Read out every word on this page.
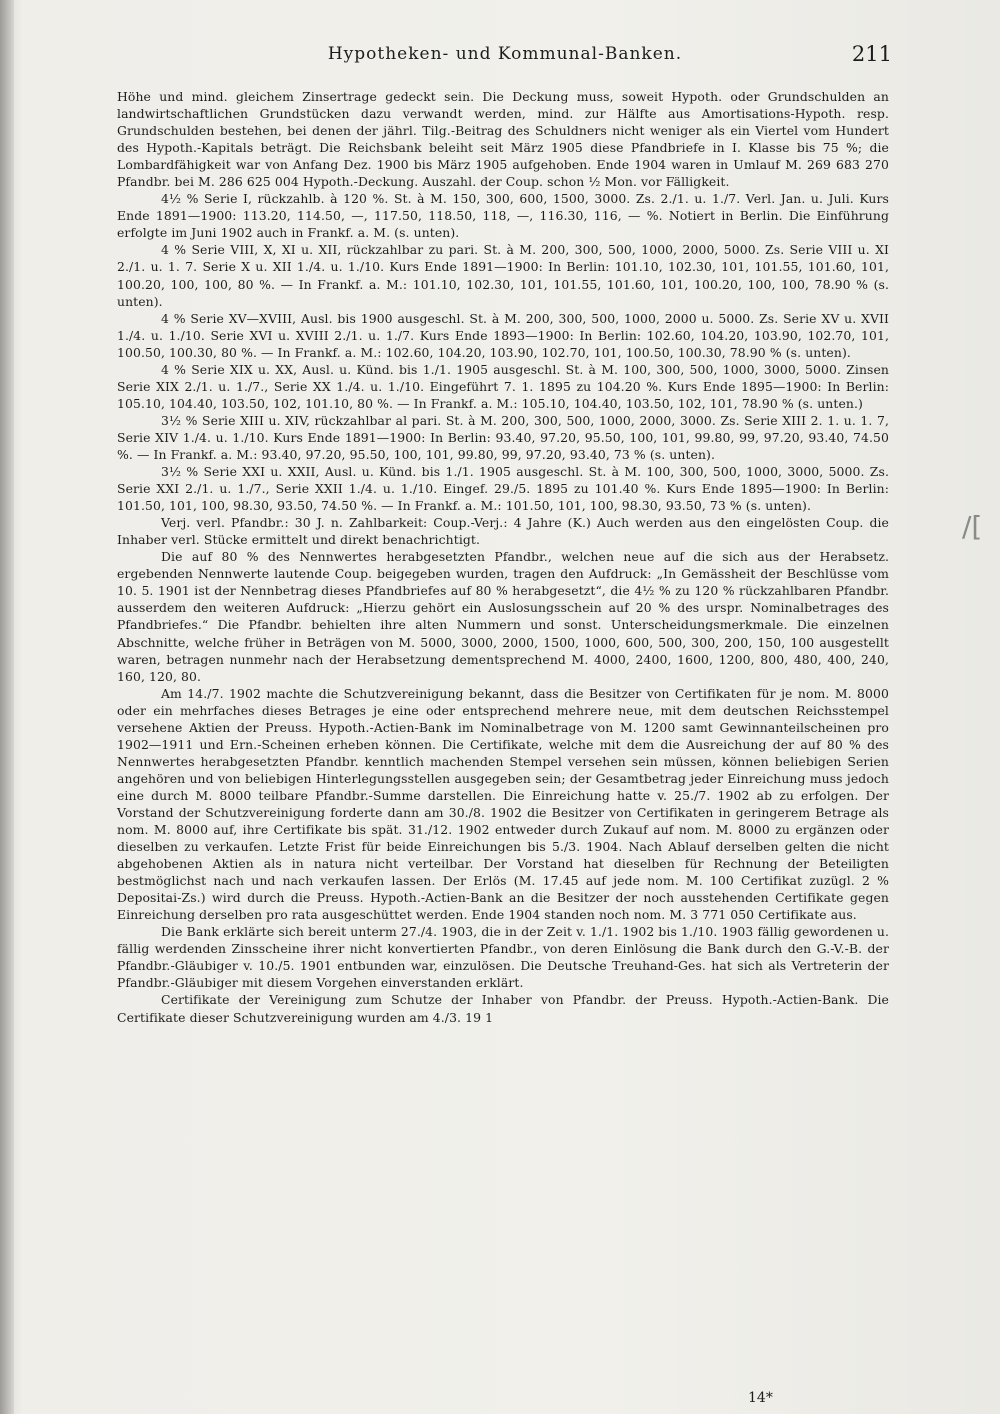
Hypotheken- und Kommunal-Banken.	211

Höhe und mind. gleichem Zinsertrage gedeckt sein. Die Deckung muss, soweit Hypoth. oder Grundschulden an landwirtschaftlichen Grundstücken dazu verwandt werden, mind. zur Hälfte aus Amortisations-Hypoth. resp. Grundschulden bestehen, bei denen der jährl. Tilg.-Beitrag des Schuldners nicht weniger als ein Viertel vom Hundert des Hypoth.-Kapitals beträgt. Die Reichsbank beleiht seit März 1905 diese Pfandbriefe in I. Klasse bis 75 %; die Lombardfähigkeit war von Anfang Dez. 1900 bis März 1905 aufgehoben. Ende 1904 waren in Umlauf M. 269 683 270 Pfandbr. bei M. 286 625 004 Hypoth.-Deckung. Auszahl. der Coup. schon ½ Mon. vor Fälligkeit.

4½ % Serie I, rückzahlb. à 120 %. St. à M. 150, 300, 600, 1500, 3000. Zs. 2./1. u. 1./7. Verl. Jan. u. Juli. Kurs Ende 1891—1900: 113.20, 114.50, —, 117.50, 118.50, 118, —, 116.30, 116, — %. Notiert in Berlin. Die Einführung erfolgte im Juni 1902 auch in Frankf. a. M. (s. unten).

4 % Serie VIII, X, XI u. XII, rückzahlbar zu pari. St. à M. 200, 300, 500, 1000, 2000, 5000. Zs. Serie VIII u. XI 2./1. u. 1. 7. Serie X u. XII 1./4. u. 1./10. Kurs Ende 1891—1900: In Berlin: 101.10, 102.30, 101, 101.55, 101.60, 101, 100.20, 100, 100, 80 %. — In Frankf. a. M.: 101.10, 102.30, 101, 101.55, 101.60, 101, 100.20, 100, 100, 78.90 % (s. unten).

4 % Serie XV—XVIII, Ausl. bis 1900 ausgeschl. St. à M. 200, 300, 500, 1000, 2000 u. 5000. Zs. Serie XV u. XVII 1./4. u. 1./10. Serie XVI u. XVIII 2./1. u. 1./7. Kurs Ende 1893—1900: In Berlin: 102.60, 104.20, 103.90, 102.70, 101, 100.50, 100.30, 80 %. — In Frankf. a. M.: 102.60, 104.20, 103.90, 102.70, 101, 100.50, 100.30, 78.90 % (s. unten).

4 % Serie XIX u. XX, Ausl. u. Künd. bis 1./1. 1905 ausgeschl. St. à M. 100, 300, 500, 1000, 3000, 5000. Zinsen Serie XIX 2./1. u. 1./7., Serie XX 1./4. u. 1./10. Eingeführt 7. 1. 1895 zu 104.20 %. Kurs Ende 1895—1900: In Berlin: 105.10, 104.40, 103.50, 102, 101.10, 80 %. — In Frankf. a. M.: 105.10, 104.40, 103.50, 102, 101, 78.90 % (s. unten.)

3½ % Serie XIII u. XIV, rückzahlbar al pari. St. à M. 200, 300, 500, 1000, 2000, 3000. Zs. Serie XIII 2. 1. u. 1. 7, Serie XIV 1./4. u. 1./10. Kurs Ende 1891—1900: In Berlin: 93.40, 97.20, 95.50, 100, 101, 99.80, 99, 97.20, 93.40, 74.50 %. — In Frankf. a. M.: 93.40, 97.20, 95.50, 100, 101, 99.80, 99, 97.20, 93.40, 73 % (s. unten).

3½ % Serie XXI u. XXII, Ausl. u. Künd. bis 1./1. 1905 ausgeschl. St. à M. 100, 300, 500, 1000, 3000, 5000. Zs. Serie XXI 2./1. u. 1./7., Serie XXII 1./4. u. 1./10. Eingef. 29./5. 1895 zu 101.40 %. Kurs Ende 1895—1900: In Berlin: 101.50, 101, 100, 98.30, 93.50, 74.50 %. — In Frankf. a. M.: 101.50, 101, 100, 98.30, 93.50, 73 % (s. unten).

Verj. verl. Pfandbr.: 30 J. n. Zahlbarkeit: Coup.-Verj.: 4 Jahre (K.) Auch werden aus den eingelösten Coup. die Inhaber verl. Stücke ermittelt und direkt benachrichtigt.

Die auf 80 % des Nennwertes herabgesetzten Pfandbr., welchen neue auf die sich aus der Herabsetz. ergebenden Nennwerte lautende Coup. beigegeben wurden, tragen den Aufdruck: „In Gemässheit der Beschlüsse vom 10. 5. 1901 ist der Nennbetrag dieses Pfandbriefes auf 80 % herabgesetzt“, die 4½ % zu 120 % rückzahlbaren Pfandbr. ausserdem den weiteren Aufdruck: „Hierzu gehört ein Auslosungsschein auf 20 % des urspr. Nominalbetrages des Pfandbriefes.“ Die Pfandbr. behielten ihre alten Nummern und sonst. Unterscheidungsmerkmale. Die einzelnen Abschnitte, welche früher in Beträgen von M. 5000, 3000, 2000, 1500, 1000, 600, 500, 300, 200, 150, 100 ausgestellt waren, betragen nunmehr nach der Herabsetzung dementsprechend M. 4000, 2400, 1600, 1200, 800, 480, 400, 240, 160, 120, 80.

Am 14./7. 1902 machte die Schutzvereinigung bekannt, dass die Besitzer von Certifikaten für je nom. M. 8000 oder ein mehrfaches dieses Betrages je eine oder entsprechend mehrere neue, mit dem deutschen Reichsstempel versehene Aktien der Preuss. Hypoth.-Actien-Bank im Nominalbetrage von M. 1200 samt Gewinnanteilscheinen pro 1902—1911 und Ern.-Scheinen erheben können. Die Certifikate, welche mit dem die Ausreichung der auf 80 % des Nennwertes herabgesetzten Pfandbr. kenntlich machenden Stempel versehen sein müssen, können beliebigen Serien angehören und von beliebigen Hinterlegungsstellen ausgegeben sein; der Gesamtbetrag jeder Einreichung muss jedoch eine durch M. 8000 teilbare Pfandbr.-Summe darstellen. Die Einreichung hatte v. 25./7. 1902 ab zu erfolgen. Der Vorstand der Schutzvereinigung forderte dann am 30./8. 1902 die Besitzer von Certifikaten in geringerem Betrage als nom. M. 8000 auf, ihre Certifikate bis spät. 31./12. 1902 entweder durch Zukauf auf nom. M. 8000 zu ergänzen oder dieselben zu verkaufen. Letzte Frist für beide Einreichungen bis 5./3. 1904. Nach Ablauf derselben gelten die nicht abgehobenen Aktien als in natura nicht verteilbar. Der Vorstand hat dieselben für Rechnung der Beteiligten bestmöglichst nach und nach verkaufen lassen. Der Erlös (M. 17.45 auf jede nom. M. 100 Certifikat zuzügl. 2 % Depositai-Zs.) wird durch die Preuss. Hypoth.-Actien-Bank an die Besitzer der noch ausstehenden Certifikate gegen Einreichung derselben pro rata ausgeschüttet werden. Ende 1904 standen noch nom. M. 3 771 050 Certifikate aus.

Die Bank erklärte sich bereit unterm 27./4. 1903, die in der Zeit v. 1./1. 1902 bis 1./10. 1903 fällig gewordenen u. fällig werdenden Zinsscheine ihrer nicht konvertierten Pfandbr., von deren Einlösung die Bank durch den G.-V.-B. der Pfandbr.-Gläubiger v. 10./5. 1901 entbunden war, einzulösen. Die Deutsche Treuhand-Ges. hat sich als Vertreterin der Pfandbr.-Gläubiger mit diesem Vorgehen einverstanden erklärt.

Certifikate der Vereinigung zum Schutze der Inhaber von Pfandbr. der Preuss. Hypoth.-Actien-Bank. Die Certifikate dieser Schutzvereinigung wurden am 4./3. 19 1

/[
14*
